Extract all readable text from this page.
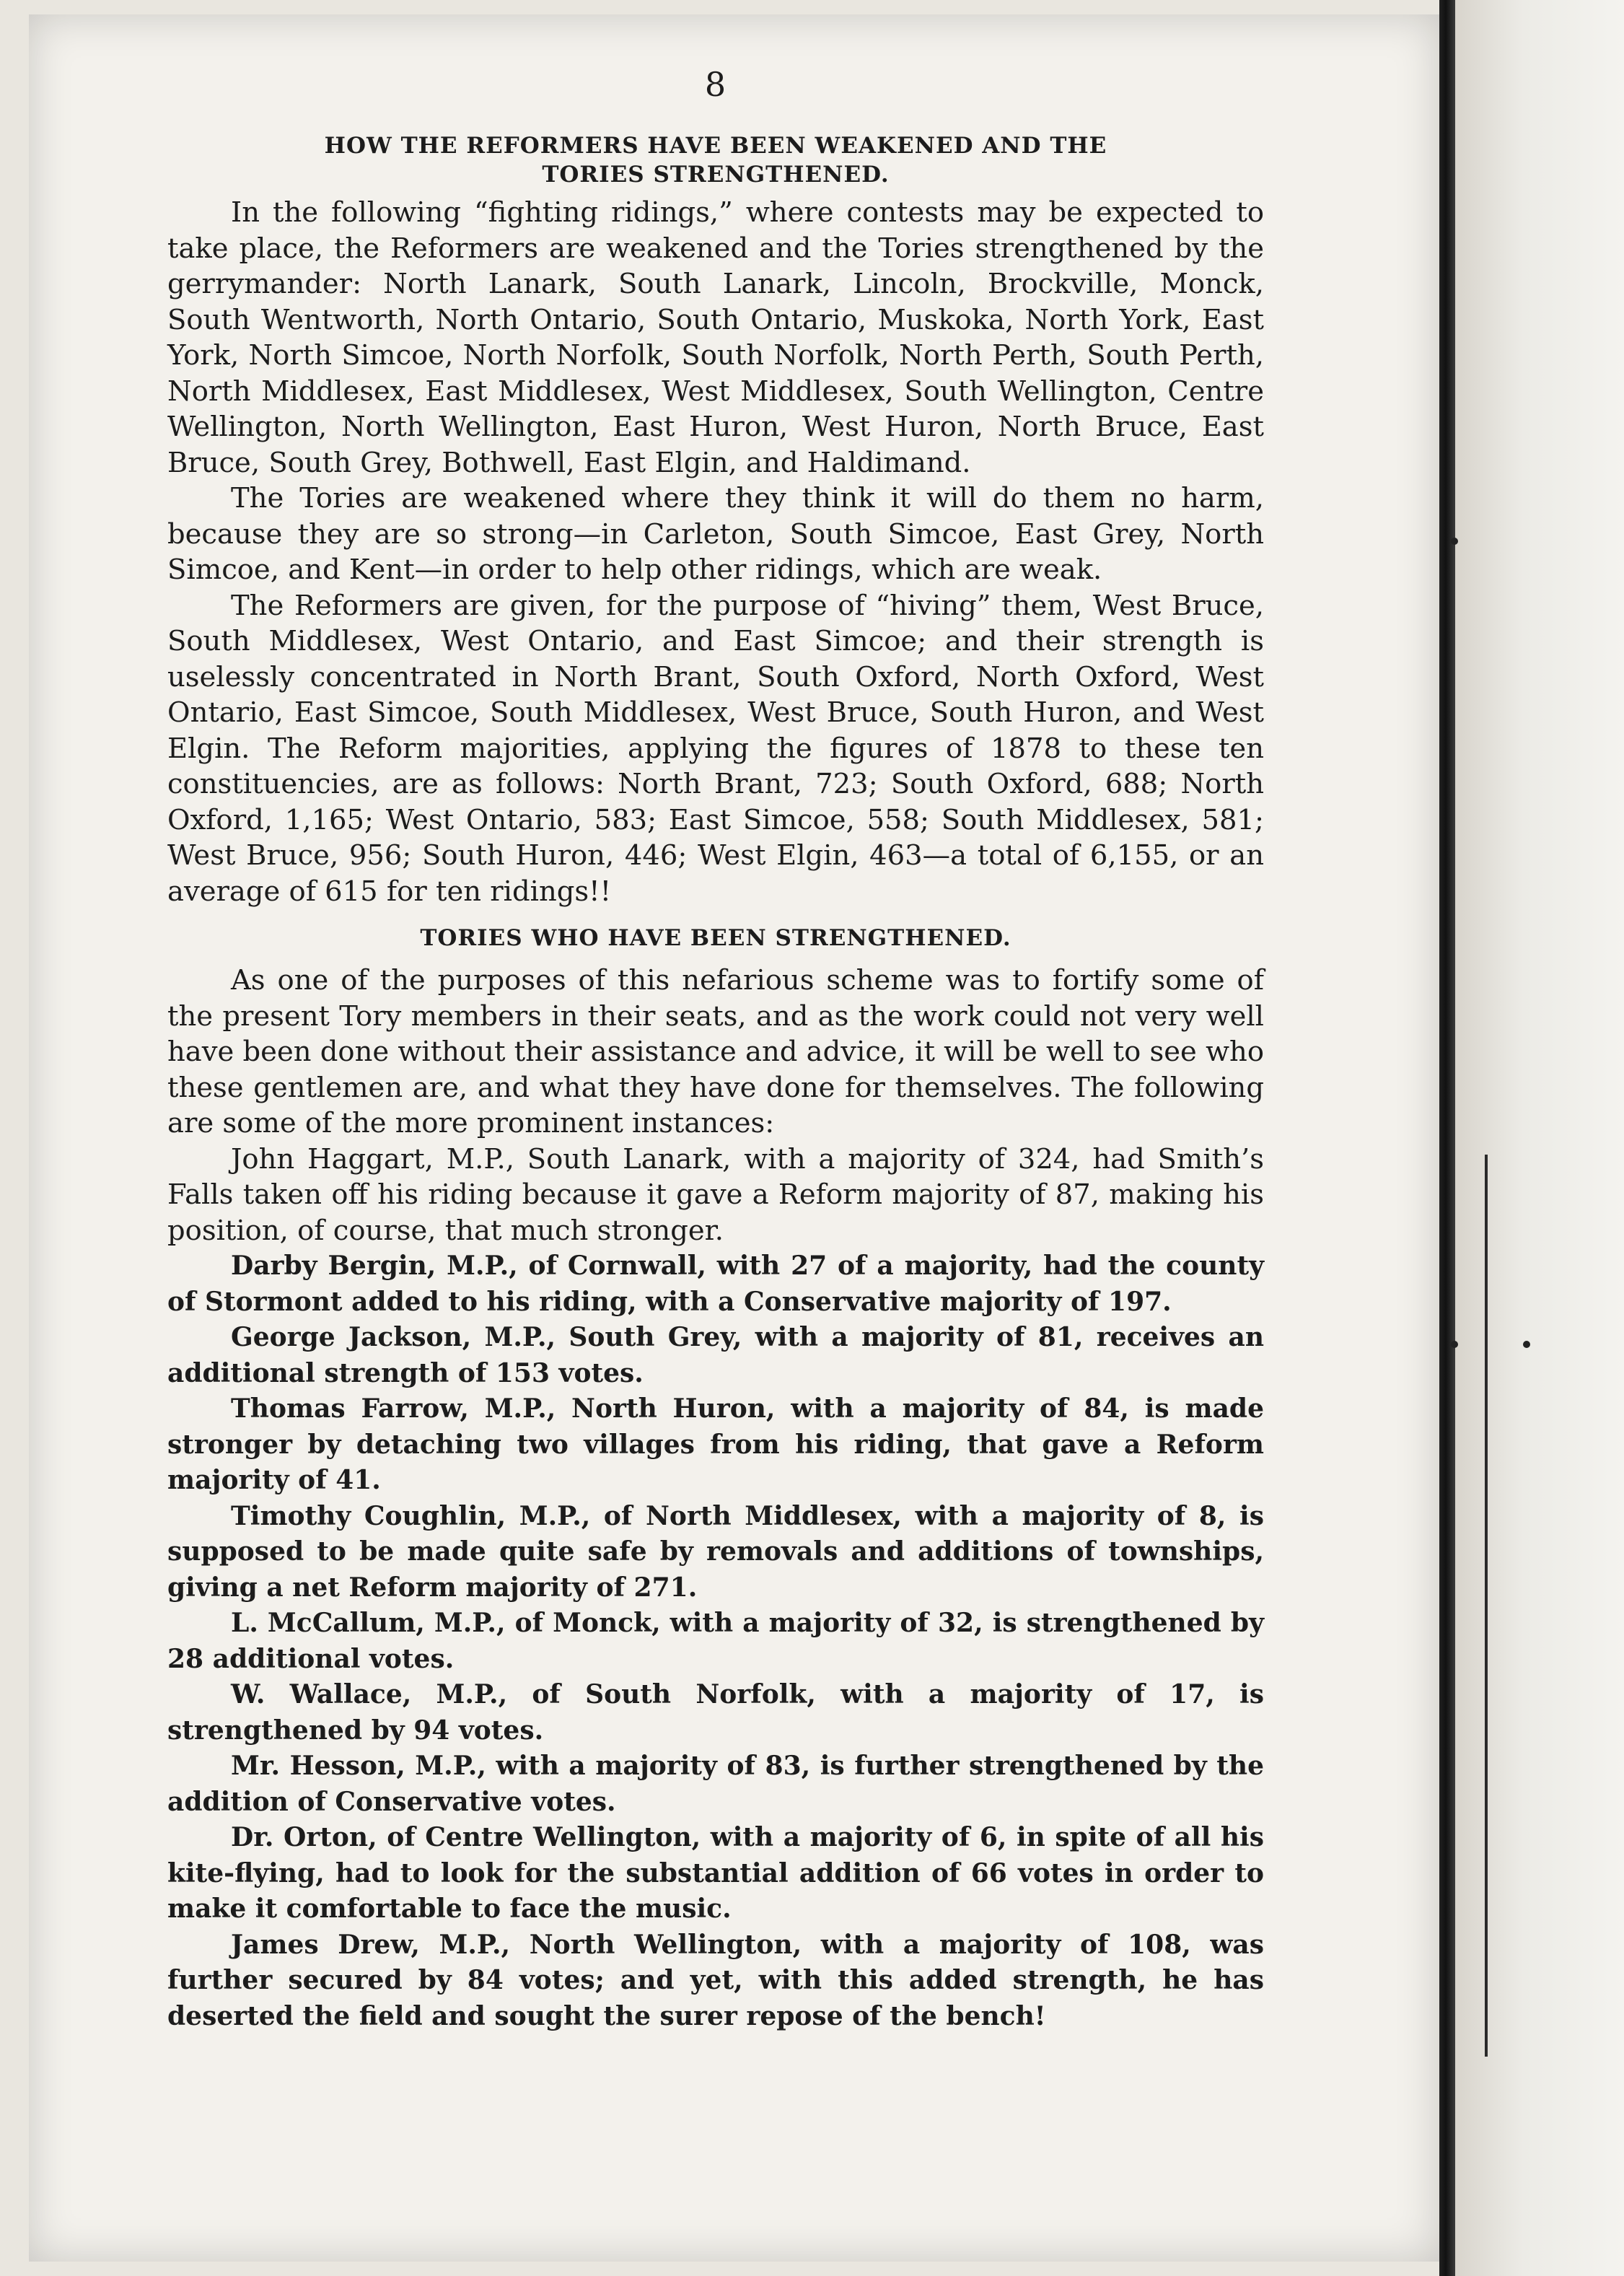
8
HOW THE REFORMERS HAVE BEEN WEAKENED AND THE
TORIES STRENGTHENED.

In the following “fighting ridings,” where contests may be expected to take place, the Reformers are weakened and the Tories strengthened by the gerrymander: North Lanark, South Lanark, Lincoln, Brockville, Monck, South Wentworth, North Ontario, South Ontario, Muskoka, North York, East York, North Simcoe, North Norfolk, South Norfolk, North Perth, South Perth, North Middlesex, East Middlesex, West Middlesex, South Wellington, Centre Wellington, North Wellington, East Huron, West Huron, North Bruce, East Bruce, South Grey, Bothwell, East Elgin, and Haldimand.

The Tories are weakened where they think it will do them no harm, because they are so strong—in Carleton, South Simcoe, East Grey, North Simcoe, and Kent—in order to help other ridings, which are weak.

The Reformers are given, for the purpose of “hiving” them, West Bruce, South Middlesex, West Ontario, and East Simcoe; and their strength is uselessly concentrated in North Brant, South Oxford, North Oxford, West Ontario, East Simcoe, South Middlesex, West Bruce, South Huron, and West Elgin. The Reform majorities, applying the figures of 1878 to these ten constituencies, are as follows: North Brant, 723; South Oxford, 688; North Oxford, 1,165; West Ontario, 583; East Simcoe, 558; South Middlesex, 581; West Bruce, 956; South Huron, 446; West Elgin, 463—a total of 6,155, or an average of 615 for ten ridings!!

TORIES WHO HAVE BEEN STRENGTHENED.

As one of the purposes of this nefarious scheme was to fortify some of the present Tory members in their seats, and as the work could not very well have been done without their assistance and advice, it will be well to see who these gentlemen are, and what they have done for themselves. The following are some of the more prominent instances:

John Haggart, M.P., South Lanark, with a majority of 324, had Smith’s Falls taken off his riding because it gave a Reform majority of 87, making his position, of course, that much stronger.

Darby Bergin, M.P., of Cornwall, with 27 of a majority, had the county of Stormont added to his riding, with a Conservative majority of 197.

George Jackson, M.P., South Grey, with a majority of 81, receives an additional strength of 153 votes.

Thomas Farrow, M.P., North Huron, with a majority of 84, is made stronger by detaching two villages from his riding, that gave a Reform majority of 41.

Timothy Coughlin, M.P., of North Middlesex, with a majority of 8, is supposed to be made quite safe by removals and additions of townships, giving a net Reform majority of 271.

L. McCallum, M.P., of Monck, with a majority of 32, is strengthened by 28 additional votes.

W. Wallace, M.P., of South Norfolk, with a majority of 17, is strengthened by 94 votes.

Mr. Hesson, M.P., with a majority of 83, is further strengthened by the addition of Conservative votes.

Dr. Orton, of Centre Wellington, with a majority of 6, in spite of all his kite-flying, had to look for the substantial addition of 66 votes in order to make it comfortable to face the music.

James Drew, M.P., North Wellington, with a majority of 108, was further secured by 84 votes; and yet, with this added strength, he has deserted the field and sought the surer repose of the bench!
